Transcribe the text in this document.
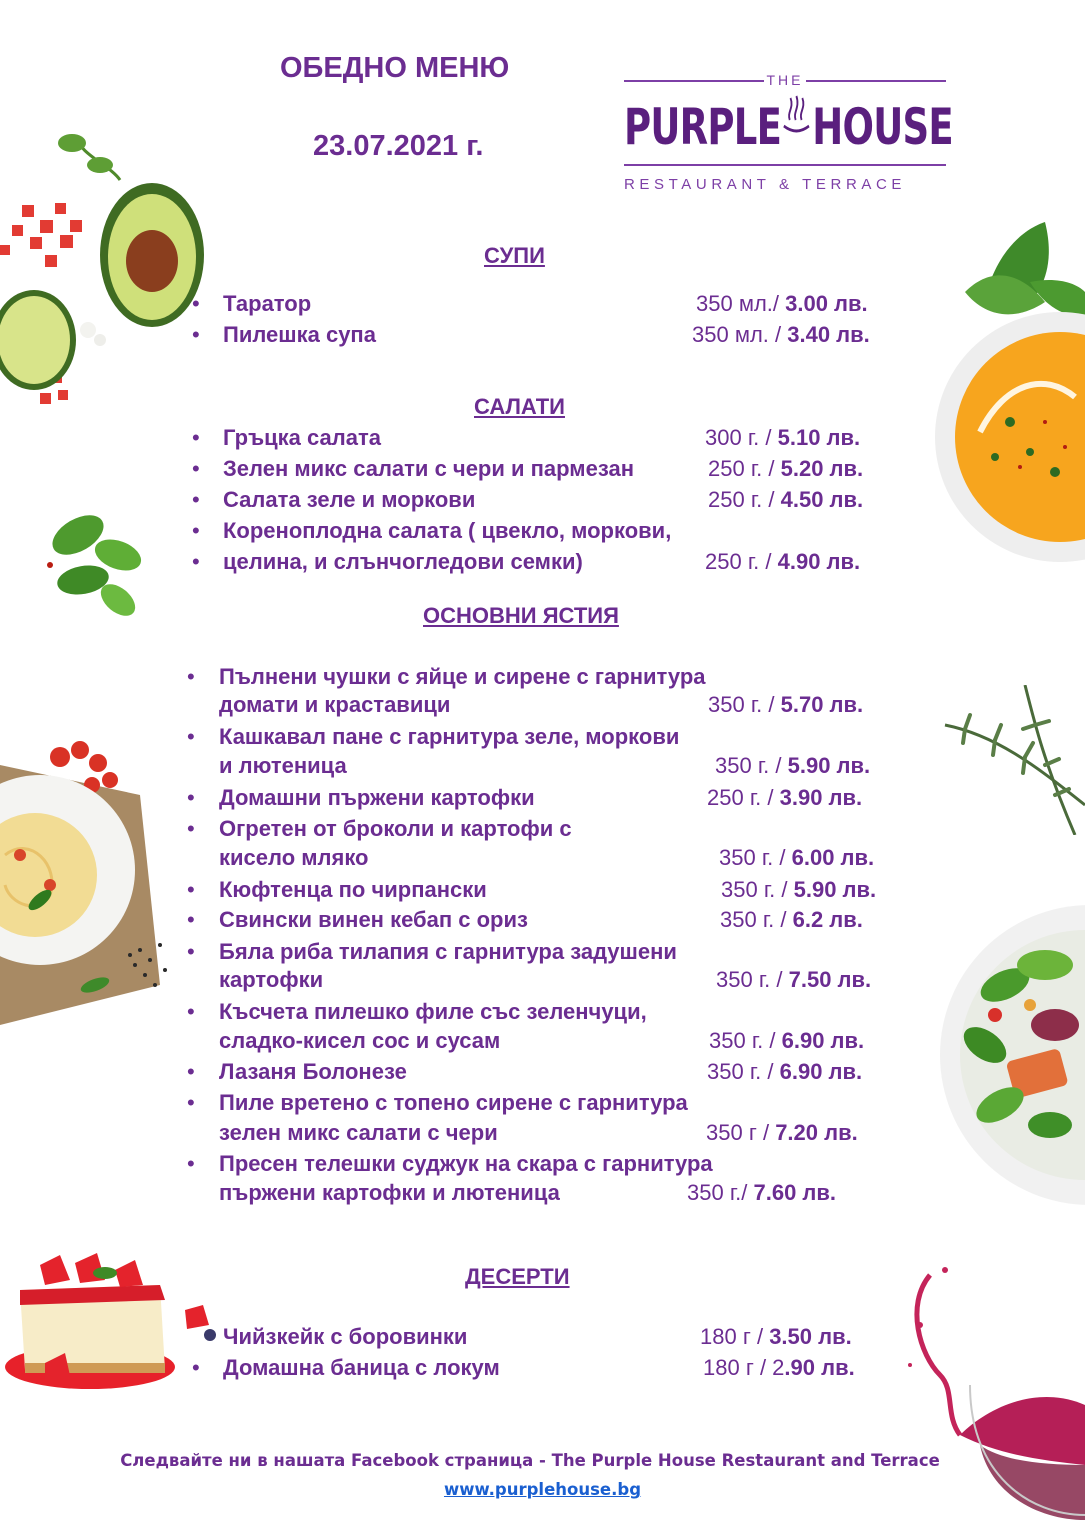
ОБЕДНО МЕНЮ
23.07.2021 г.
THE
PURPLE HOUSE
RESTAURANT & TERRACE
СУПИ
• Таратор	350 мл./ 3.00 лв.
• Пилешка супа	350 мл. / 3.40 лв.
САЛАТИ
• Гръцка салата	300 г. / 5.10 лв.
• Зелен микс салати с чери и пармезан	250 г. / 5.20 лв.
• Салата зеле и моркови	250 г. / 4.50 лв.
• Кореноплодна салата ( цвекло, моркови,
• целина, и слънчогледови семки)	250 г. / 4.90 лв.
ОСНОВНИ ЯСТИЯ
• Пълнени чушки с яйце и сирене с гарнитура
домати и краставици	350 г. / 5.70 лв.
• Кашкавал пане с гарнитура зеле, моркови
и лютеница	350 г. / 5.90 лв.
• Домашни пържени картофки	250 г. / 3.90 лв.
• Огретен от броколи и картофи с
кисело мляко	350 г. / 6.00 лв.
• Кюфтенца по чирпански	350 г. / 5.90 лв.
• Свински винен кебап с ориз	350 г. / 6.2 лв.
• Бяла риба тилапия с гарнитура задушени
картофки	350 г. / 7.50 лв.
• Късчета пилешко филе със зеленчуци,
сладко-кисел сос и сусам	350 г. / 6.90 лв.
• Лазаня Болонезе	350 г. / 6.90 лв.
• Пиле вретено с топено сирене с гарнитура
зелен микс салати с чери	350 г / 7.20 лв.
• Пресен телешки суджук на скара с гарнитура
пържени картофки и лютеница	350 г./ 7.60 лв.
ДЕСЕРТИ
Чийзкейк с боровинки	180 г / 3.50 лв.
• Домашна баница с локум	180 г / 2.90 лв.
Следвайте ни в нашата Facebook страница - The Purple House Restaurant and Terrace
www.purplehouse.bg
